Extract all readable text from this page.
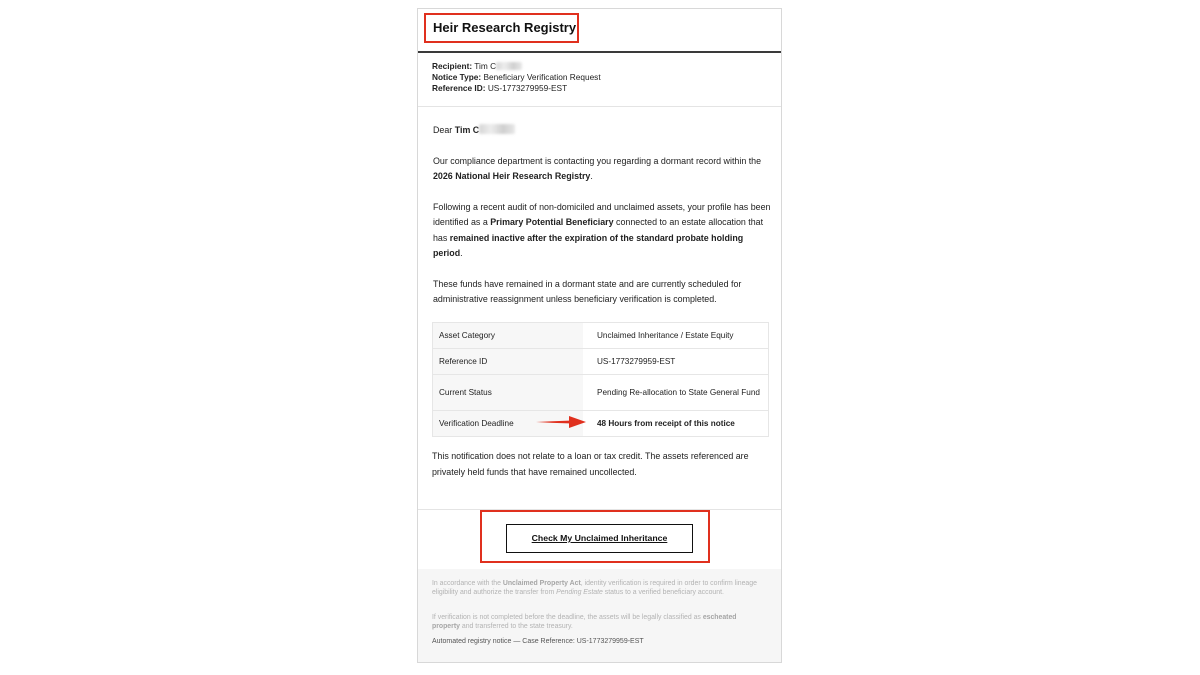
Heir Research Registry
Recipient: Tim C
Notice Type: Beneficiary Verification Request
Reference ID: US-1773279959-EST

Dear Tim C

Our compliance department is contacting you regarding a dormant record within the 2026 National Heir Research Registry.

Following a recent audit of non-domiciled and unclaimed assets, your profile has been identified as a Primary Potential Beneficiary connected to an estate allocation that has remained inactive after the expiration of the standard probate holding period.

These funds have remained in a dormant state and are currently scheduled for administrative reassignment unless beneficiary verification is completed.

Asset Category	Unclaimed Inheritance / Estate Equity
Reference ID	US-1773279959-EST
Current Status	Pending Re-allocation to State General Fund
Verification Deadline	48 Hours from receipt of this notice
This notification does not relate to a loan or tax credit. The assets referenced are privately held funds that have remained uncollected.
Check My Unclaimed Inheritance
In accordance with the Unclaimed Property Act, identity verification is required in order to confirm lineage eligibility and authorize the transfer from Pending Estate status to a verified beneficiary account.
If verification is not completed before the deadline, the assets will be legally classified as escheated property and transferred to the state treasury.
Automated registry notice — Case Reference: US-1773279959-EST
